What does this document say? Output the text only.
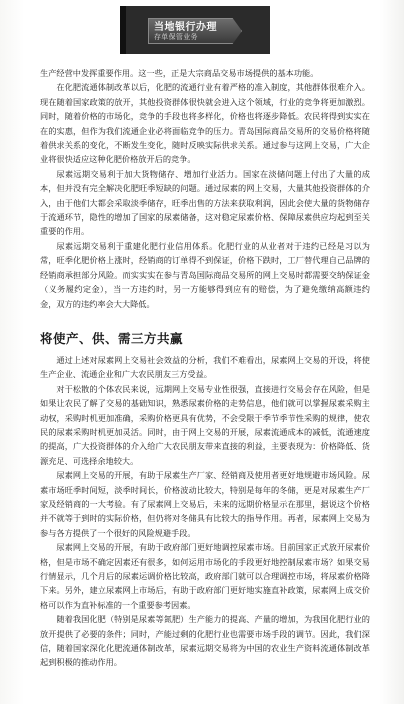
当地银行办理
存单保管业务

生产经营中发挥重要作用。这一些，正是大宗商品交易市场提供的基本功能。

在化肥流通体制改革以后，化肥的流通行业有着严格的准入制度，其他群体很难介入。现在随着国家政策的放开，其他投资群体很快就会进入这个领域，行业的竞争将更加激烈。同时，随着价格的市场化，竞争的手段也将多样化，价格也将逐步降低。农民将得到实实在在的实惠，但作为我们流通企业必将面临竞争的压力。青岛国际商品交易所的交易价格将随着供求关系的变化，不断发生变化，随时反映实际供求关系。通过参与这网上交易，广大企业将很快适应这种化肥价格放开后的竞争。

尿素远期交易利于加大货物储存、增加行业活力。国家在淡储问题上付出了大量的成本，但并没有完全解决化肥旺季短缺的问题。通过尿素的网上交易，大量其他投资群体的介入，由于他们大都会采取淡季储存，旺季出售的方法来获取利润，因此会使大量的货物储存于流通环节，隐性的增加了国家的尿素储备，这对稳定尿素价格、保障尿素供应均起到至关重要的作用。

尿素远期交易利于重建化肥行业信用体系。化肥行业的从业者对于违约已经是习以为常，旺季化肥价格上涨时，经销商的订单得不到保证，价格下跌时，工厂替代理自己品牌的经销商承担部分风险。而实实实在参与青岛国际商品交易所的网上交易时都需要交纳保证金（义务履约定金），当一方违约时，另一方能够得到应有的赔偿，为了避免缴纳高额违约金，双方的违约率会大大降低。

将使产、供、需三方共赢

通过上述对尿素网上交易社会效益的分析，我们不难看出，尿素网上交易的开设，将使生产企业、流通企业和广大农民朋友三方受益。

对于松散的个体农民来说，远期网上交易专业性很强，直接进行交易会存在风险，但是如果让农民了解了交易的基础知识，熟悉尿素价格的走势信息，他们就可以掌握尿素采购主动权，采购时机更加准确，采购价格更具有优势，不会受限于季节季节性采购的规律，使农民的尿素采购时机更加灵活。同时，由于网上交易的开展，尿素流通成本的减低，流通速度的提高，广大投资群体的介入给广大农民朋友带来直接的利益，主要表现为：价格降低、货源充足、可选择余地较大。

尿素网上交易的开展，有助于尿素生产厂家、经销商及使用者更好地规避市场风险。尿素市场旺季时间短，淡季时间长，价格波动比较大，特别是每年的冬储，更是对尿素生产厂家及经销商的一大考验。有了尿素网上交易后，未来的远期价格显示在那里，据说这个价格并不就等于到时的实际价格，但仍将对冬储具有比较大的指导作用。再者，尿素网上交易为参与各方提供了一个很好的风险规避手段。

尿素网上交易的开展，有助于政府部门更好地调控尿素市场。目前国家正式放开尿素价格，但是市场不确定因素还有很多，如何运用市场化的手段更好地控制尿素市场？如果交易行情显示，几个月后的尿素运调价格比较高，政府部门就可以合理调控市场，将尿素价格降下来。另外，建立尿素网上市场后，有助于政府部门更好地实施直补政策，尿素网上成交价格可以作为直补标准的一个重要参考因素。

随着我国化肥（特别是尿素等氮肥）生产能力的提高、产量的增加，为我国化肥行业的放开提供了必要的条件；同时，产能过剩的化肥行业也需要市场手段的调节。因此，我们深信，随着国家深化化肥流通体制改革，尿素远期交易将为中国的农业生产资料流通体制改革起到积极的推动作用。
